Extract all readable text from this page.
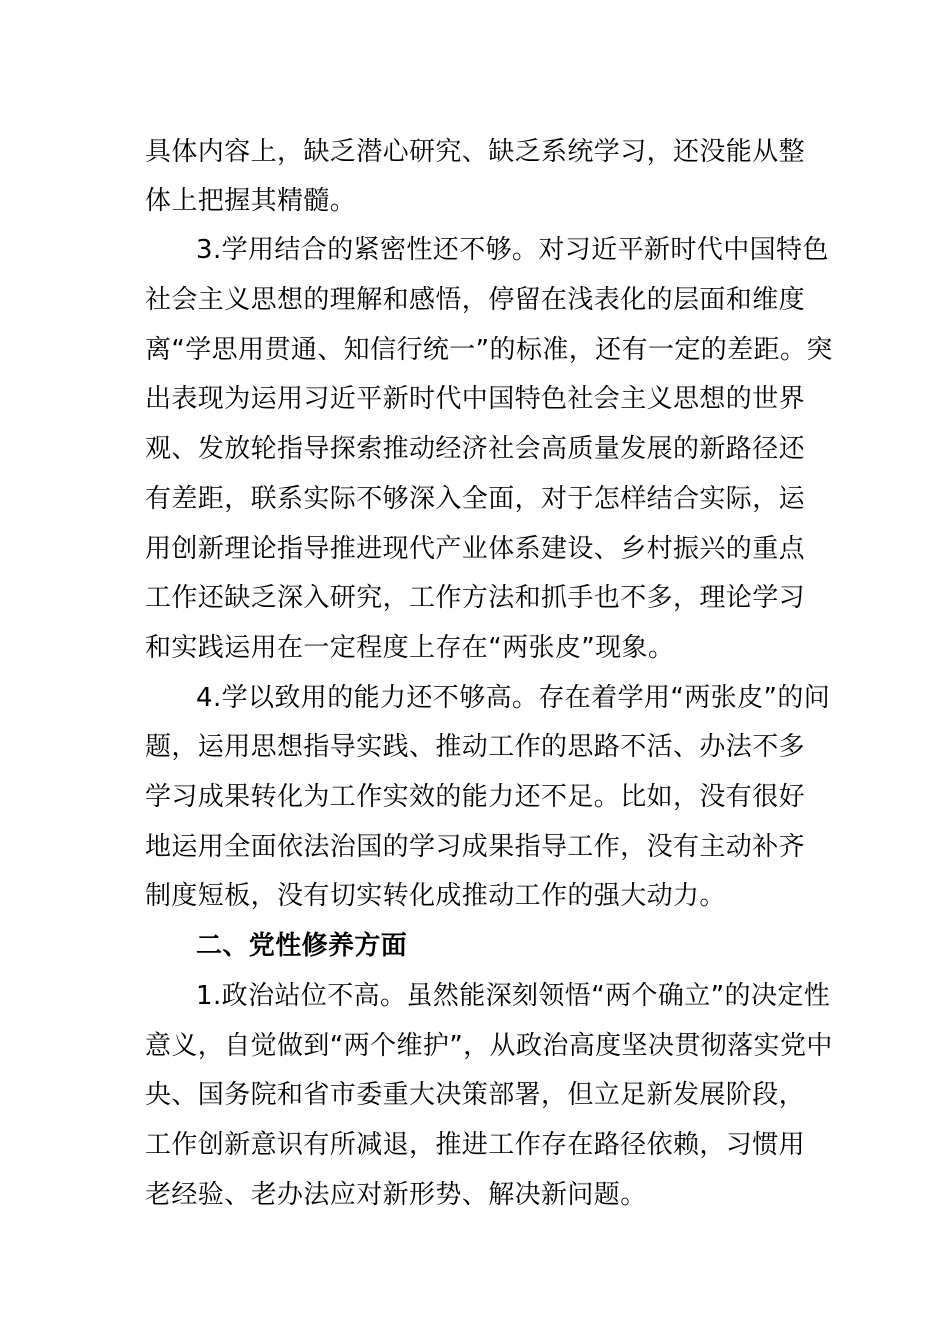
具体内容上，缺乏潜心研究、缺乏系统学习，还没能从整
体上把握其精髓。
3.学用结合的紧密性还不够。对习近平新时代中国特色
社会主义思想的理解和感悟，停留在浅表化的层面和维度
离“学思用贯通、知信行统一”的标准，还有一定的差距。突
出表现为运用习近平新时代中国特色社会主义思想的世界
观、发放轮指导探索推动经济社会高质量发展的新路径还
有差距，联系实际不够深入全面，对于怎样结合实际，运
用创新理论指导推进现代产业体系建设、乡村振兴的重点
工作还缺乏深入研究，工作方法和抓手也不多，理论学习
和实践运用在一定程度上存在“两张皮”现象。
4.学以致用的能力还不够高。存在着学用“两张皮”的问
题，运用思想指导实践、推动工作的思路不活、办法不多
学习成果转化为工作实效的能力还不足。比如，没有很好
地运用全面依法治国的学习成果指导工作，没有主动补齐
制度短板，没有切实转化成推动工作的强大动力。
二、党性修养方面
1.政治站位不高。虽然能深刻领悟“两个确立”的决定性
意义，自觉做到“两个维护”，从政治高度坚决贯彻落实党中
央、国务院和省市委重大决策部署，但立足新发展阶段，
工作创新意识有所减退，推进工作存在路径依赖，习惯用
老经验、老办法应对新形势、解决新问题。
